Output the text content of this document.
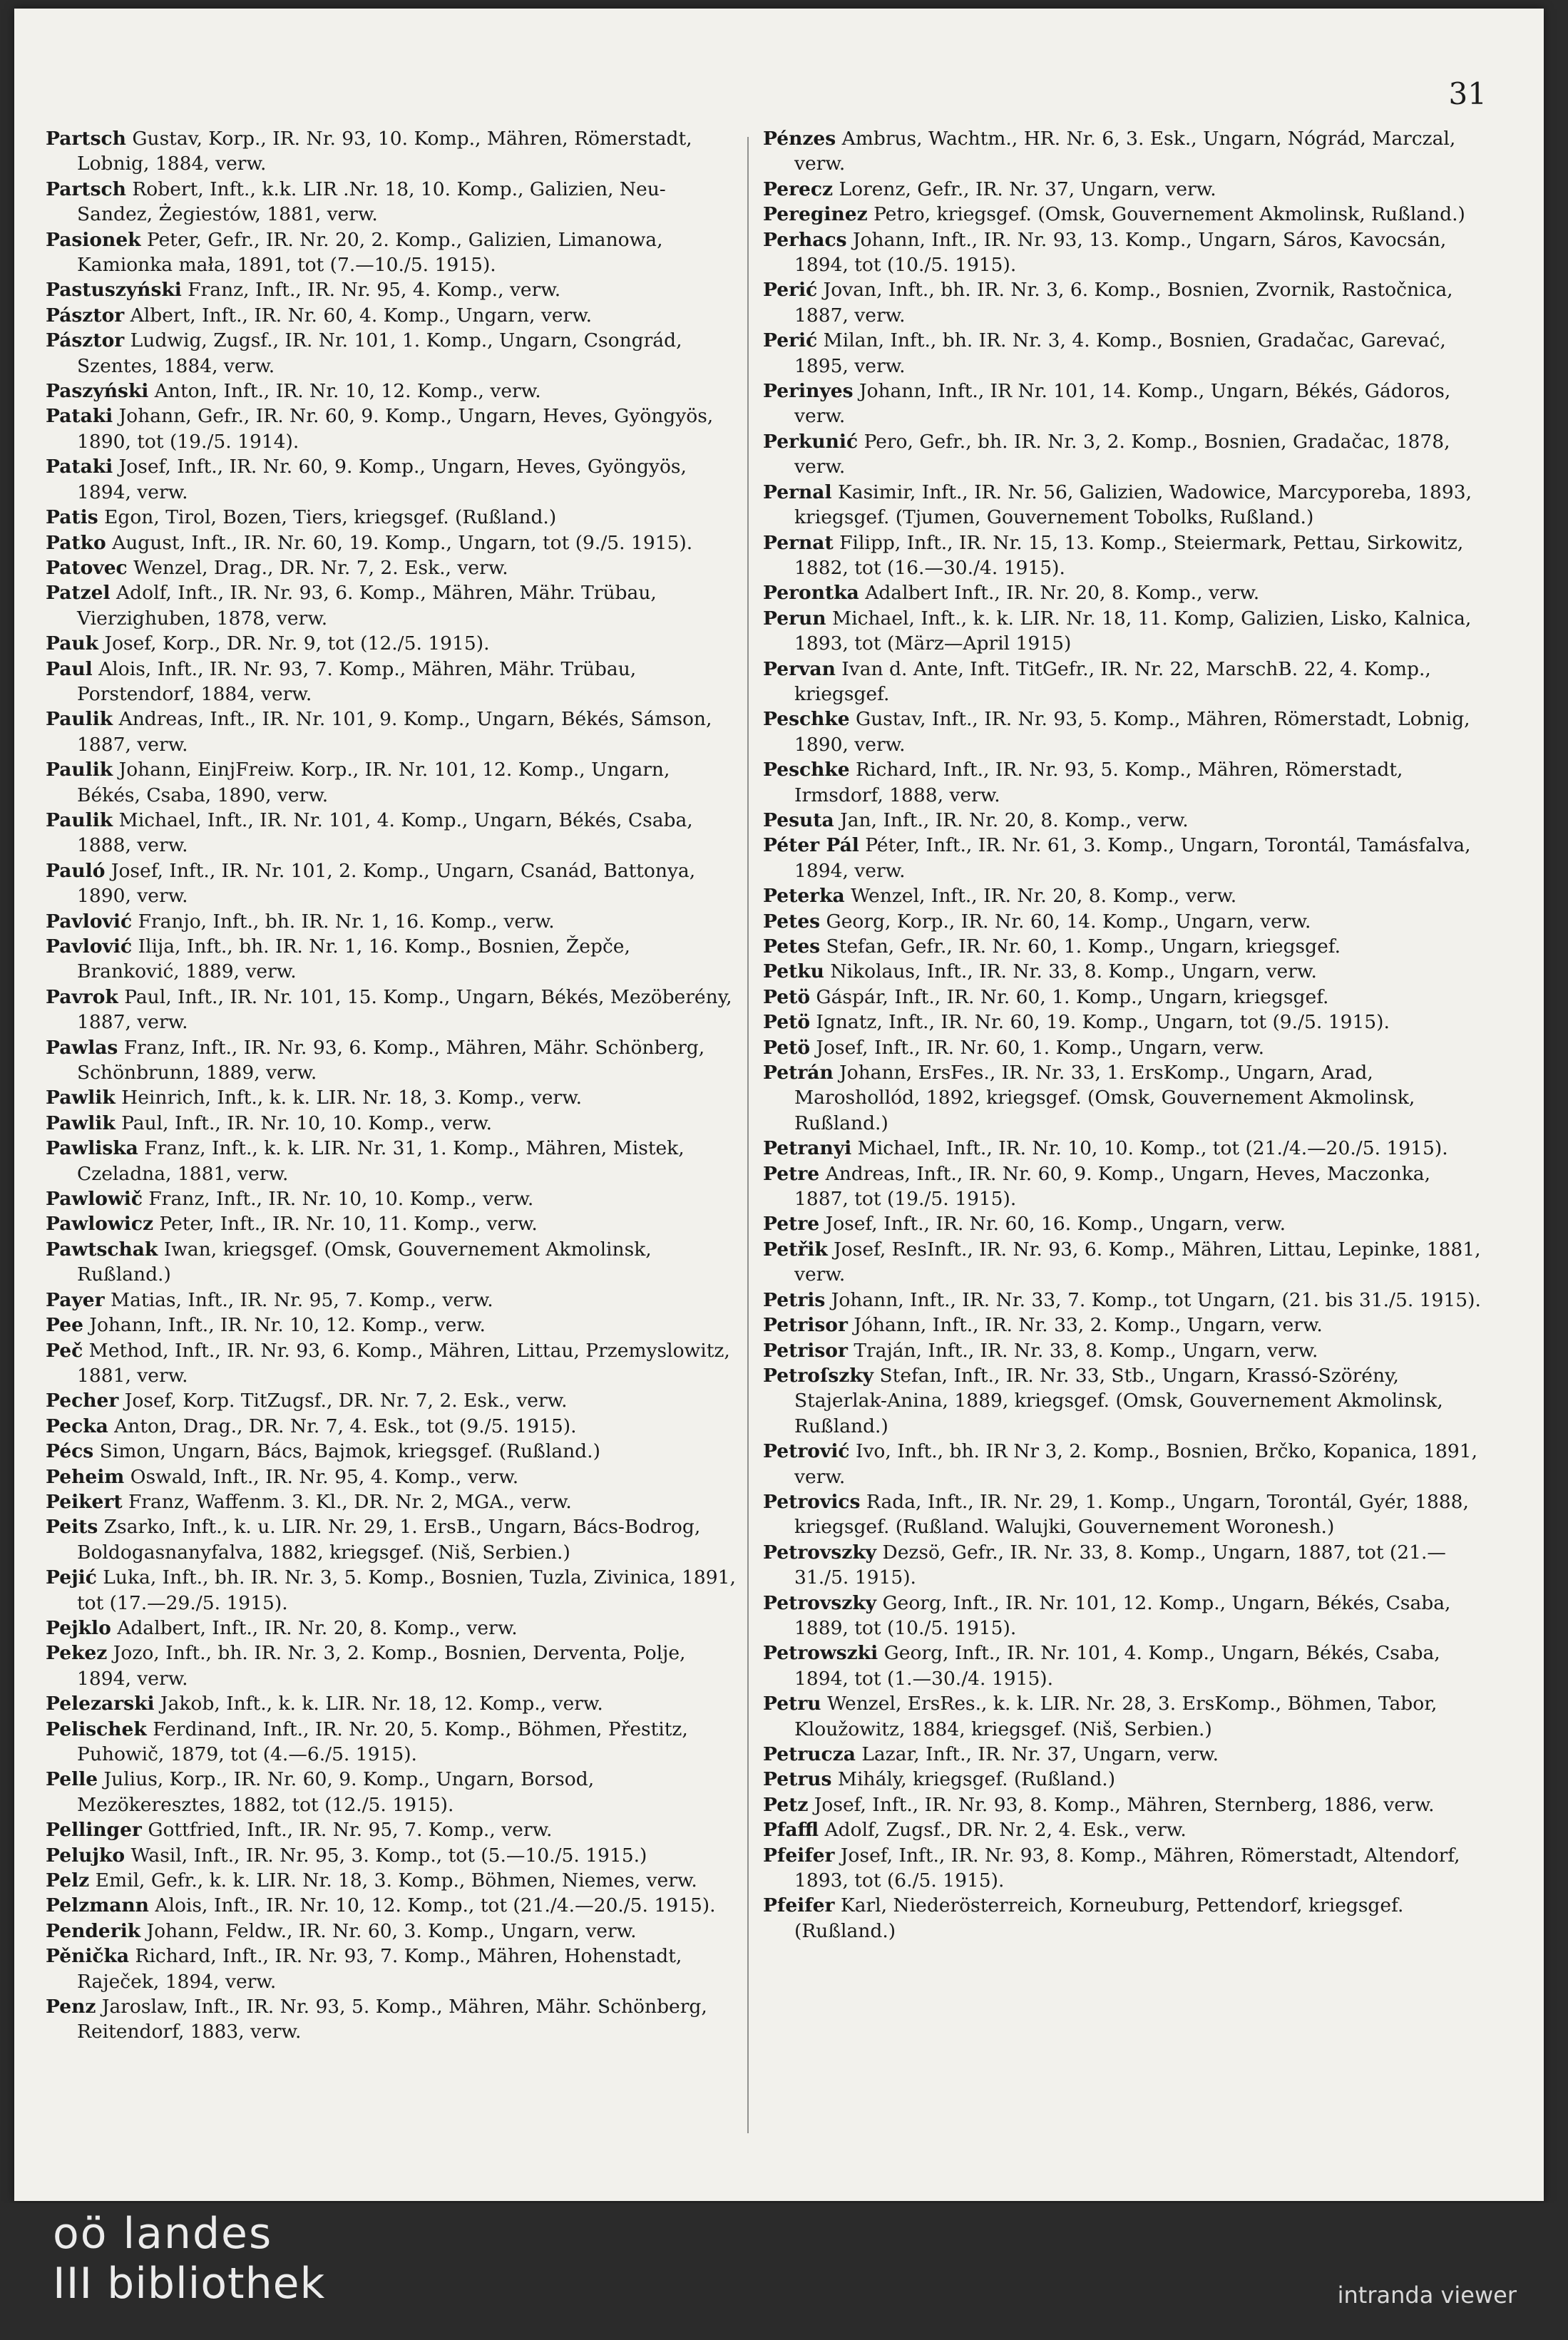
31

Partsch Gustav, Korp., IR. Nr. 93, 10. Komp., Mähren, Römerstadt, Lobnig, 1884, verw.

Partsch Robert, Inft., k.k. LIR .Nr. 18, 10. Komp., Galizien, Neu-Sandez, Żegiestów, 1881, verw.

Pasionek Peter, Gefr., IR. Nr. 20, 2. Komp., Galizien, Limanowa, Kamionka mała, 1891, tot (7.—10./5. 1915).

Pastuszyński Franz, Inft., IR. Nr. 95, 4. Komp., verw.

Pásztor Albert, Inft., IR. Nr. 60, 4. Komp., Ungarn, verw.

Pásztor Ludwig, Zugsf., IR. Nr. 101, 1. Komp., Ungarn, Csongrád, Szentes, 1884, verw.

Paszyński Anton, Inft., IR. Nr. 10, 12. Komp., verw.

Pataki Johann, Gefr., IR. Nr. 60, 9. Komp., Ungarn, Heves, Gyöngyös, 1890, tot (19./5. 1914).

Pataki Josef, Inft., IR. Nr. 60, 9. Komp., Ungarn, Heves, Gyöngyös, 1894, verw.

Patis Egon, Tirol, Bozen, Tiers, kriegsgef. (Rußland.)

Patko August, Inft., IR. Nr. 60, 19. Komp., Ungarn, tot (9./5. 1915).

Patovec Wenzel, Drag., DR. Nr. 7, 2. Esk., verw.

Patzel Adolf, Inft., IR. Nr. 93, 6. Komp., Mähren, Mähr. Trübau, Vierzighuben, 1878, verw.

Pauk Josef, Korp., DR. Nr. 9, tot (12./5. 1915).

Paul Alois, Inft., IR. Nr. 93, 7. Komp., Mähren, Mähr. Trübau, Porstendorf, 1884, verw.

Paulik Andreas, Inft., IR. Nr. 101, 9. Komp., Ungarn, Békés, Sámson, 1887, verw.

Paulik Johann, EinjFreiw. Korp., IR. Nr. 101, 12. Komp., Ungarn, Békés, Csaba, 1890, verw.

Paulik Michael, Inft., IR. Nr. 101, 4. Komp., Ungarn, Békés, Csaba, 1888, verw.

Pauló Josef, Inft., IR. Nr. 101, 2. Komp., Ungarn, Csanád, Battonya, 1890, verw.

Pavlović Franjo, Inft., bh. IR. Nr. 1, 16. Komp., verw.

Pavlović Ilija, Inft., bh. IR. Nr. 1, 16. Komp., Bosnien, Žepče, Branković, 1889, verw.

Pavrok Paul, Inft., IR. Nr. 101, 15. Komp., Ungarn, Békés, Mezöberény, 1887, verw.

Pawlas Franz, Inft., IR. Nr. 93, 6. Komp., Mähren, Mähr. Schönberg, Schönbrunn, 1889, verw.

Pawlik Heinrich, Inft., k. k. LIR. Nr. 18, 3. Komp., verw.

Pawlik Paul, Inft., IR. Nr. 10, 10. Komp., verw.

Pawliska Franz, Inft., k. k. LIR. Nr. 31, 1. Komp., Mähren, Mistek, Czeladna, 1881, verw.

Pawlowič Franz, Inft., IR. Nr. 10, 10. Komp., verw.

Pawlowicz Peter, Inft., IR. Nr. 10, 11. Komp., verw.

Pawtschak Iwan, kriegsgef. (Omsk, Gouvernement Akmolinsk, Rußland.)

Payer Matias, Inft., IR. Nr. 95, 7. Komp., verw.

Pee Johann, Inft., IR. Nr. 10, 12. Komp., verw.

Peč Method, Inft., IR. Nr. 93, 6. Komp., Mähren, Littau, Przemyslowitz, 1881, verw.

Pecher Josef, Korp. TitZugsf., DR. Nr. 7, 2. Esk., verw.

Pecka Anton, Drag., DR. Nr. 7, 4. Esk., tot (9./5. 1915).

Pécs Simon, Ungarn, Bács, Bajmok, kriegsgef. (Rußland.)

Peheim Oswald, Inft., IR. Nr. 95, 4. Komp., verw.

Peikert Franz, Waffenm. 3. Kl., DR. Nr. 2, MGA., verw.

Peits Zsarko, Inft., k. u. LIR. Nr. 29, 1. ErsB., Ungarn, Bács-Bodrog, Boldogasnanyfalva, 1882, kriegsgef. (Niš, Serbien.)

Pejić Luka, Inft., bh. IR. Nr. 3, 5. Komp., Bosnien, Tuzla, Zivinica, 1891, tot (17.—29./5. 1915).

Pejklo Adalbert, Inft., IR. Nr. 20, 8. Komp., verw.

Pekez Jozo, Inft., bh. IR. Nr. 3, 2. Komp., Bosnien, Derventa, Polje, 1894, verw.

Pelezarski Jakob, Inft., k. k. LIR. Nr. 18, 12. Komp., verw.

Pelischek Ferdinand, Inft., IR. Nr. 20, 5. Komp., Böhmen, Přestitz, Puhowič, 1879, tot (4.—6./5. 1915).

Pelle Julius, Korp., IR. Nr. 60, 9. Komp., Ungarn, Borsod, Mezökeresztes, 1882, tot (12./5. 1915).

Pellinger Gottfried, Inft., IR. Nr. 95, 7. Komp., verw.

Pelujko Wasil, Inft., IR. Nr. 95, 3. Komp., tot (5.—10./5. 1915.)

Pelz Emil, Gefr., k. k. LIR. Nr. 18, 3. Komp., Böhmen, Niemes, verw.

Pelzmann Alois, Inft., IR. Nr. 10, 12. Komp., tot (21./4.—20./5. 1915).

Penderik Johann, Feldw., IR. Nr. 60, 3. Komp., Ungarn, verw.

Pěnička Richard, Inft., IR. Nr. 93, 7. Komp., Mähren, Hohenstadt, Raječek, 1894, verw.

Penz Jaroslaw, Inft., IR. Nr. 93, 5. Komp., Mähren, Mähr. Schönberg, Reitendorf, 1883, verw.

Pénzes Ambrus, Wachtm., HR. Nr. 6, 3. Esk., Ungarn, Nógrád, Marczal, verw.

Perecz Lorenz, Gefr., IR. Nr. 37, Ungarn, verw.

Pereginez Petro, kriegsgef. (Omsk, Gouvernement Akmolinsk, Rußland.)

Perhacs Johann, Inft., IR. Nr. 93, 13. Komp., Ungarn, Sáros, Kavocsán, 1894, tot (10./5. 1915).

Perić Jovan, Inft., bh. IR. Nr. 3, 6. Komp., Bosnien, Zvornik, Rastočnica, 1887, verw.

Perić Milan, Inft., bh. IR. Nr. 3, 4. Komp., Bosnien, Gradačac, Garevać, 1895, verw.

Perinyes Johann, Inft., IR Nr. 101, 14. Komp., Ungarn, Békés, Gádoros, verw.

Perkunić Pero, Gefr., bh. IR. Nr. 3, 2. Komp., Bosnien, Gradačac, 1878, verw.

Pernal Kasimir, Inft., IR. Nr. 56, Galizien, Wadowice, Marcyporeba, 1893, kriegsgef. (Tjumen, Gouvernement Tobolks, Rußland.)

Pernat Filipp, Inft., IR. Nr. 15, 13. Komp., Steiermark, Pettau, Sirkowitz, 1882, tot (16.—30./4. 1915).

Perontka Adalbert Inft., IR. Nr. 20, 8. Komp., verw.

Perun Michael, Inft., k. k. LIR. Nr. 18, 11. Komp, Galizien, Lisko, Kalnica, 1893, tot (März—April 1915)

Pervan Ivan d. Ante, Inft. TitGefr., IR. Nr. 22, MarschB. 22, 4. Komp., kriegsgef.

Peschke Gustav, Inft., IR. Nr. 93, 5. Komp., Mähren, Römerstadt, Lobnig, 1890, verw.

Peschke Richard, Inft., IR. Nr. 93, 5. Komp., Mähren, Römerstadt, Irmsdorf, 1888, verw.

Pesuta Jan, Inft., IR. Nr. 20, 8. Komp., verw.

Péter Pál Péter, Inft., IR. Nr. 61, 3. Komp., Ungarn, Torontál, Tamásfalva, 1894, verw.

Peterka Wenzel, Inft., IR. Nr. 20, 8. Komp., verw.

Petes Georg, Korp., IR. Nr. 60, 14. Komp., Ungarn, verw.

Petes Stefan, Gefr., IR. Nr. 60, 1. Komp., Ungarn, kriegsgef.

Petku Nikolaus, Inft., IR. Nr. 33, 8. Komp., Ungarn, verw.

Petö Gáspár, Inft., IR. Nr. 60, 1. Komp., Ungarn, kriegsgef.

Petö Ignatz, Inft., IR. Nr. 60, 19. Komp., Ungarn, tot (9./5. 1915).

Petö Josef, Inft., IR. Nr. 60, 1. Komp., Ungarn, verw.

Petrán Johann, ErsFes., IR. Nr. 33, 1. ErsKomp., Ungarn, Arad, Maroshollód, 1892, kriegsgef. (Omsk, Gouvernement Akmolinsk, Rußland.)

Petranyi Michael, Inft., IR. Nr. 10, 10. Komp., tot (21./4.—20./5. 1915).

Petre Andreas, Inft., IR. Nr. 60, 9. Komp., Ungarn, Heves, Maczonka, 1887, tot (19./5. 1915).

Petre Josef, Inft., IR. Nr. 60, 16. Komp., Ungarn, verw.

Petřik Josef, ResInft., IR. Nr. 93, 6. Komp., Mähren, Littau, Lepinke, 1881, verw.

Petris Johann, Inft., IR. Nr. 33, 7. Komp., tot Ungarn, (21. bis 31./5. 1915).

Petrisor Jóhann, Inft., IR. Nr. 33, 2. Komp., Ungarn, verw.

Petrisor Traján, Inft., IR. Nr. 33, 8. Komp., Ungarn, verw.

Petroſszky Stefan, Inft., IR. Nr. 33, Stb., Ungarn, Krassó-Szörény, Stajerlak-Anina, 1889, kriegsgef. (Omsk, Gouvernement Akmolinsk, Rußland.)

Petrović Ivo, Inft., bh. IR Nr 3, 2. Komp., Bosnien, Brčko, Kopanica, 1891, verw.

Petrovics Rada, Inft., IR. Nr. 29, 1. Komp., Ungarn, Torontál, Gyér, 1888, kriegsgef. (Rußland. Walujki, Gouvernement Woronesh.)

Petrovszky Dezsö, Gefr., IR. Nr. 33, 8. Komp., Ungarn, 1887, tot (21.—31./5. 1915).

Petrovszky Georg, Inft., IR. Nr. 101, 12. Komp., Ungarn, Békés, Csaba, 1889, tot (10./5. 1915).

Petrowszki Georg, Inft., IR. Nr. 101, 4. Komp., Ungarn, Békés, Csaba, 1894, tot (1.—30./4. 1915).

Petru Wenzel, ErsRes., k. k. LIR. Nr. 28, 3. ErsKomp., Böhmen, Tabor, Kloužowitz, 1884, kriegsgef. (Niš, Serbien.)

Petrucza Lazar, Inft., IR. Nr. 37, Ungarn, verw.

Petrus Mihály, kriegsgef. (Rußland.)

Petz Josef, Inft., IR. Nr. 93, 8. Komp., Mähren, Sternberg, 1886, verw.

Pfaffl Adolf, Zugsf., DR. Nr. 2, 4. Esk., verw.

Pfeifer Josef, Inft., IR. Nr. 93, 8. Komp., Mähren, Römerstadt, Altendorf, 1893, tot (6./5. 1915).

Pfeifer Karl, Niederösterreich, Korneuburg, Pettendorf, kriegsgef. (Rußland.)

oö landes
III bibliothek	intranda viewer
